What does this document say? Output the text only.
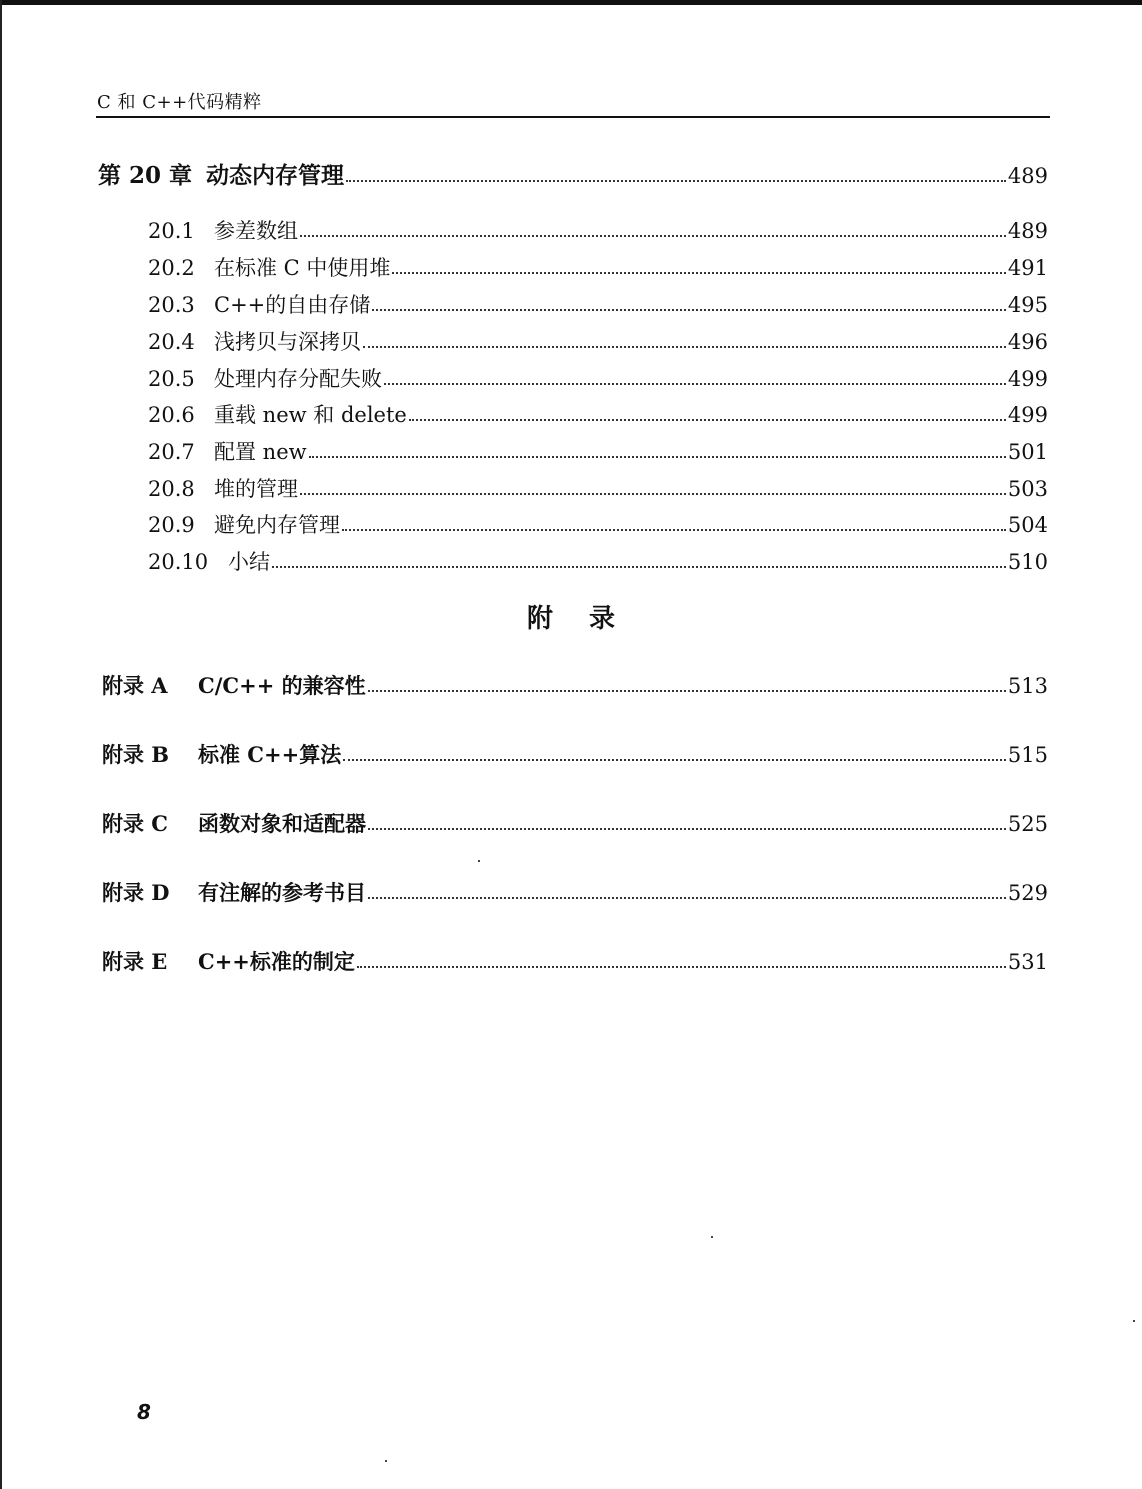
C 和 C++代码精粹
第 20 章 动态内存管理	489
20.1 参差数组	489
20.2 在标准 C 中使用堆	491
20.3 C++的自由存储	495
20.4 浅拷贝与深拷贝	496
20.5 处理内存分配失败	499
20.6 重载 new 和 delete	499
20.7 配置 new	501
20.8 堆的管理	503
20.9 避免内存管理	504
20.10 小结	510
附录
附录 A	C/C++ 的兼容性	513
附录 B	标准 C++算法	515
附录 C	函数对象和适配器	525
附录 D	有注解的参考书目	529
附录 E	C++标准的制定	531
8
